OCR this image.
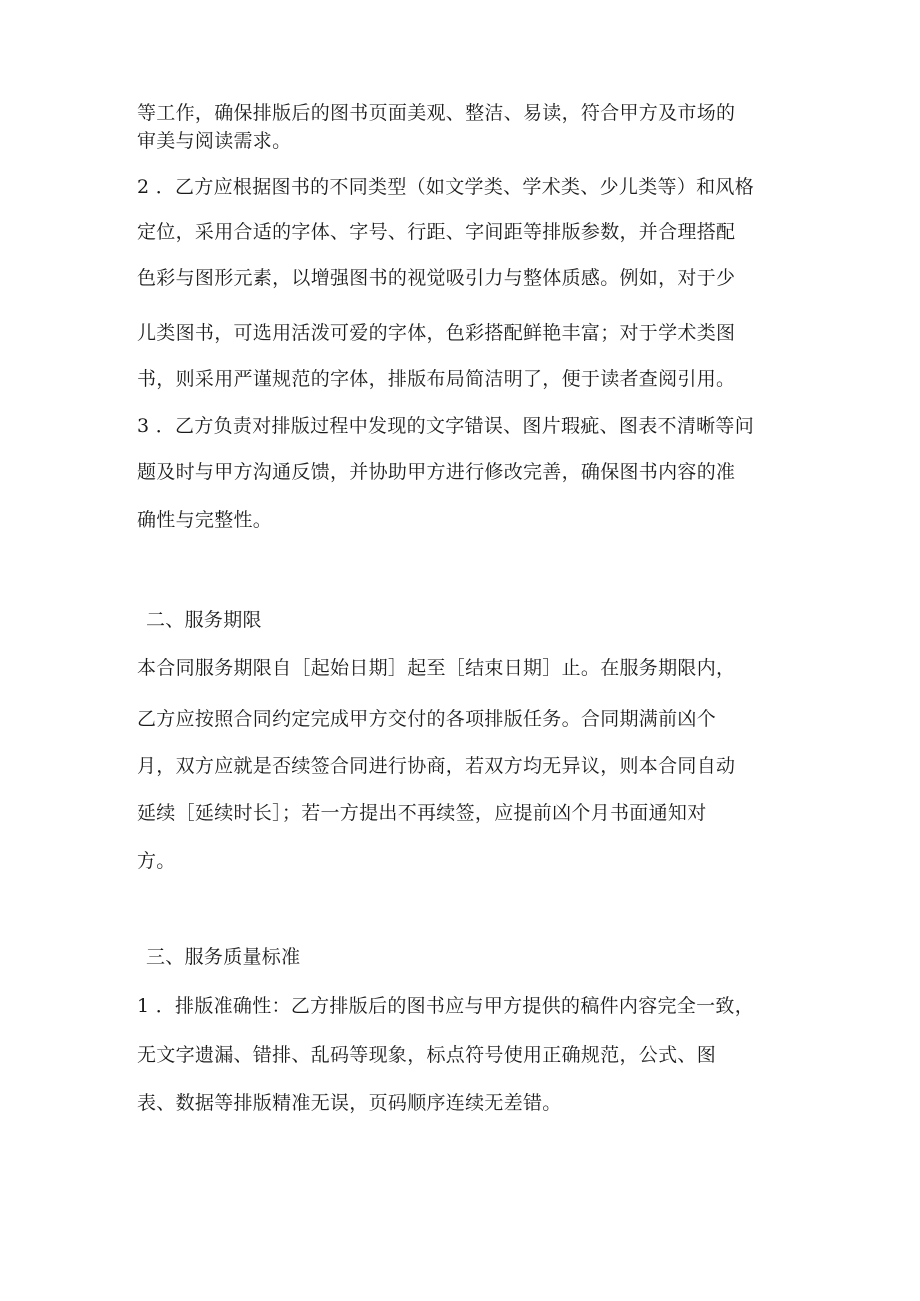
等工作，确保排版后的图书页面美观、整洁、易读，符合甲方及市场的
审美与阅读需求。
2 ．乙方应根据图书的不同类型（如文学类、学术类、少儿类等）和风格
定位，采用合适的字体、字号、行距、字间距等排版参数，并合理搭配
色彩与图形元素，以增强图书的视觉吸引力与整体质感。例如，对于少
儿类图书，可选用活泼可爱的字体，色彩搭配鲜艳丰富；对于学术类图
书，则采用严谨规范的字体，排版布局简洁明了，便于读者查阅引用。
3 ．乙方负责对排版过程中发现的文字错误、图片瑕疵、图表不清晰等问
题及时与甲方沟通反馈，并协助甲方进行修改完善，确保图书内容的准
确性与完整性。
二、服务期限
本合同服务期限自［起始日期］起至［结束日期］止。在服务期限内，
乙方应按照合同约定完成甲方交付的各项排版任务。合同期满前凶个
月，双方应就是否续签合同进行协商，若双方均无异议，则本合同自动
延续［延续时长］；若一方提出不再续签，应提前凶个月书面通知对
方。
三、服务质量标准
1 ．排版准确性：乙方排版后的图书应与甲方提供的稿件内容完全一致，
无文字遗漏、错排、乱码等现象，标点符号使用正确规范，公式、图
表、数据等排版精准无误，页码顺序连续无差错。
